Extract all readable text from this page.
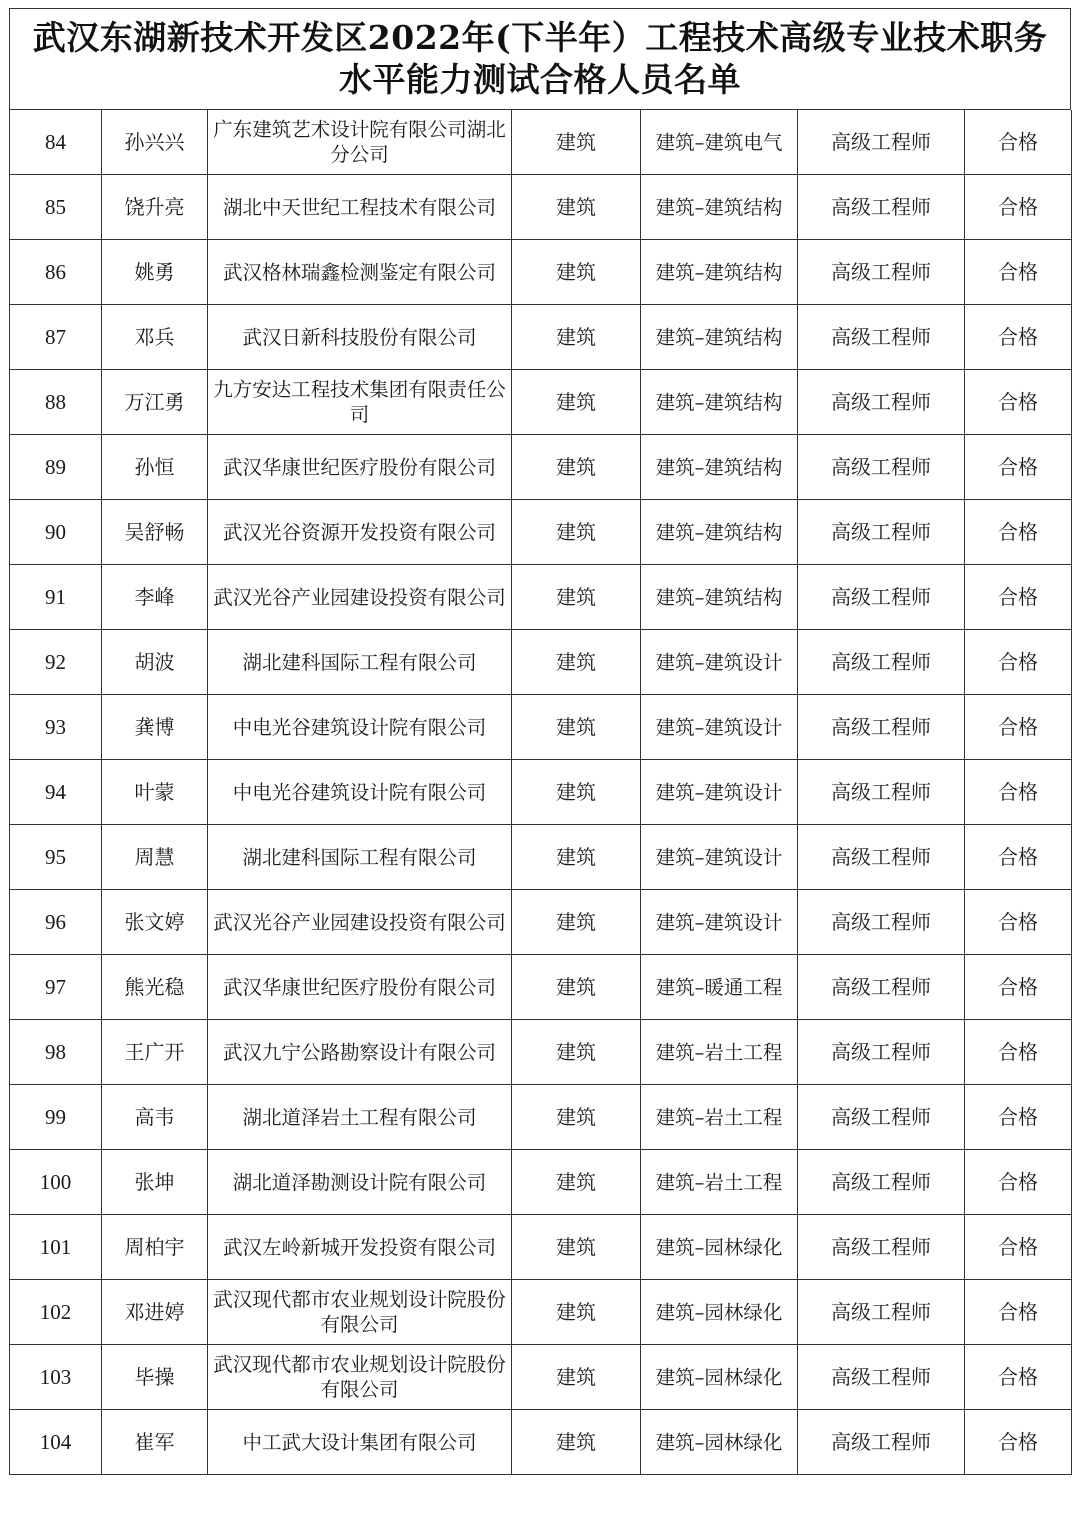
武汉东湖新技术开发区2022年(下半年）工程技术高级专业技术职务
水平能力测试合格人员名单
84	孙兴兴	广东建筑艺术设计院有限公司湖北分公司	建筑	建筑–建筑电气	高级工程师	合格
85	饶升亮	湖北中天世纪工程技术有限公司	建筑	建筑–建筑结构	高级工程师	合格
86	姚勇	武汉格林瑞鑫检测鉴定有限公司	建筑	建筑–建筑结构	高级工程师	合格
87	邓兵	武汉日新科技股份有限公司	建筑	建筑–建筑结构	高级工程师	合格
88	万江勇	九方安达工程技术集团有限责任公司	建筑	建筑–建筑结构	高级工程师	合格
89	孙恒	武汉华康世纪医疗股份有限公司	建筑	建筑–建筑结构	高级工程师	合格
90	吴舒畅	武汉光谷资源开发投资有限公司	建筑	建筑–建筑结构	高级工程师	合格
91	李峰	武汉光谷产业园建设投资有限公司	建筑	建筑–建筑结构	高级工程师	合格
92	胡波	湖北建科国际工程有限公司	建筑	建筑–建筑设计	高级工程师	合格
93	龚博	中电光谷建筑设计院有限公司	建筑	建筑–建筑设计	高级工程师	合格
94	叶蒙	中电光谷建筑设计院有限公司	建筑	建筑–建筑设计	高级工程师	合格
95	周慧	湖北建科国际工程有限公司	建筑	建筑–建筑设计	高级工程师	合格
96	张文婷	武汉光谷产业园建设投资有限公司	建筑	建筑–建筑设计	高级工程师	合格
97	熊光稳	武汉华康世纪医疗股份有限公司	建筑	建筑–暖通工程	高级工程师	合格
98	王广开	武汉九宁公路勘察设计有限公司	建筑	建筑–岩土工程	高级工程师	合格
99	高韦	湖北道泽岩土工程有限公司	建筑	建筑–岩土工程	高级工程师	合格
100	张坤	湖北道泽勘测设计院有限公司	建筑	建筑–岩土工程	高级工程师	合格
101	周柏宇	武汉左岭新城开发投资有限公司	建筑	建筑–园林绿化	高级工程师	合格
102	邓进婷	武汉现代都市农业规划设计院股份有限公司	建筑	建筑–园林绿化	高级工程师	合格
103	毕操	武汉现代都市农业规划设计院股份有限公司	建筑	建筑–园林绿化	高级工程师	合格
104	崔军	中工武大设计集团有限公司	建筑	建筑–园林绿化	高级工程师	合格
